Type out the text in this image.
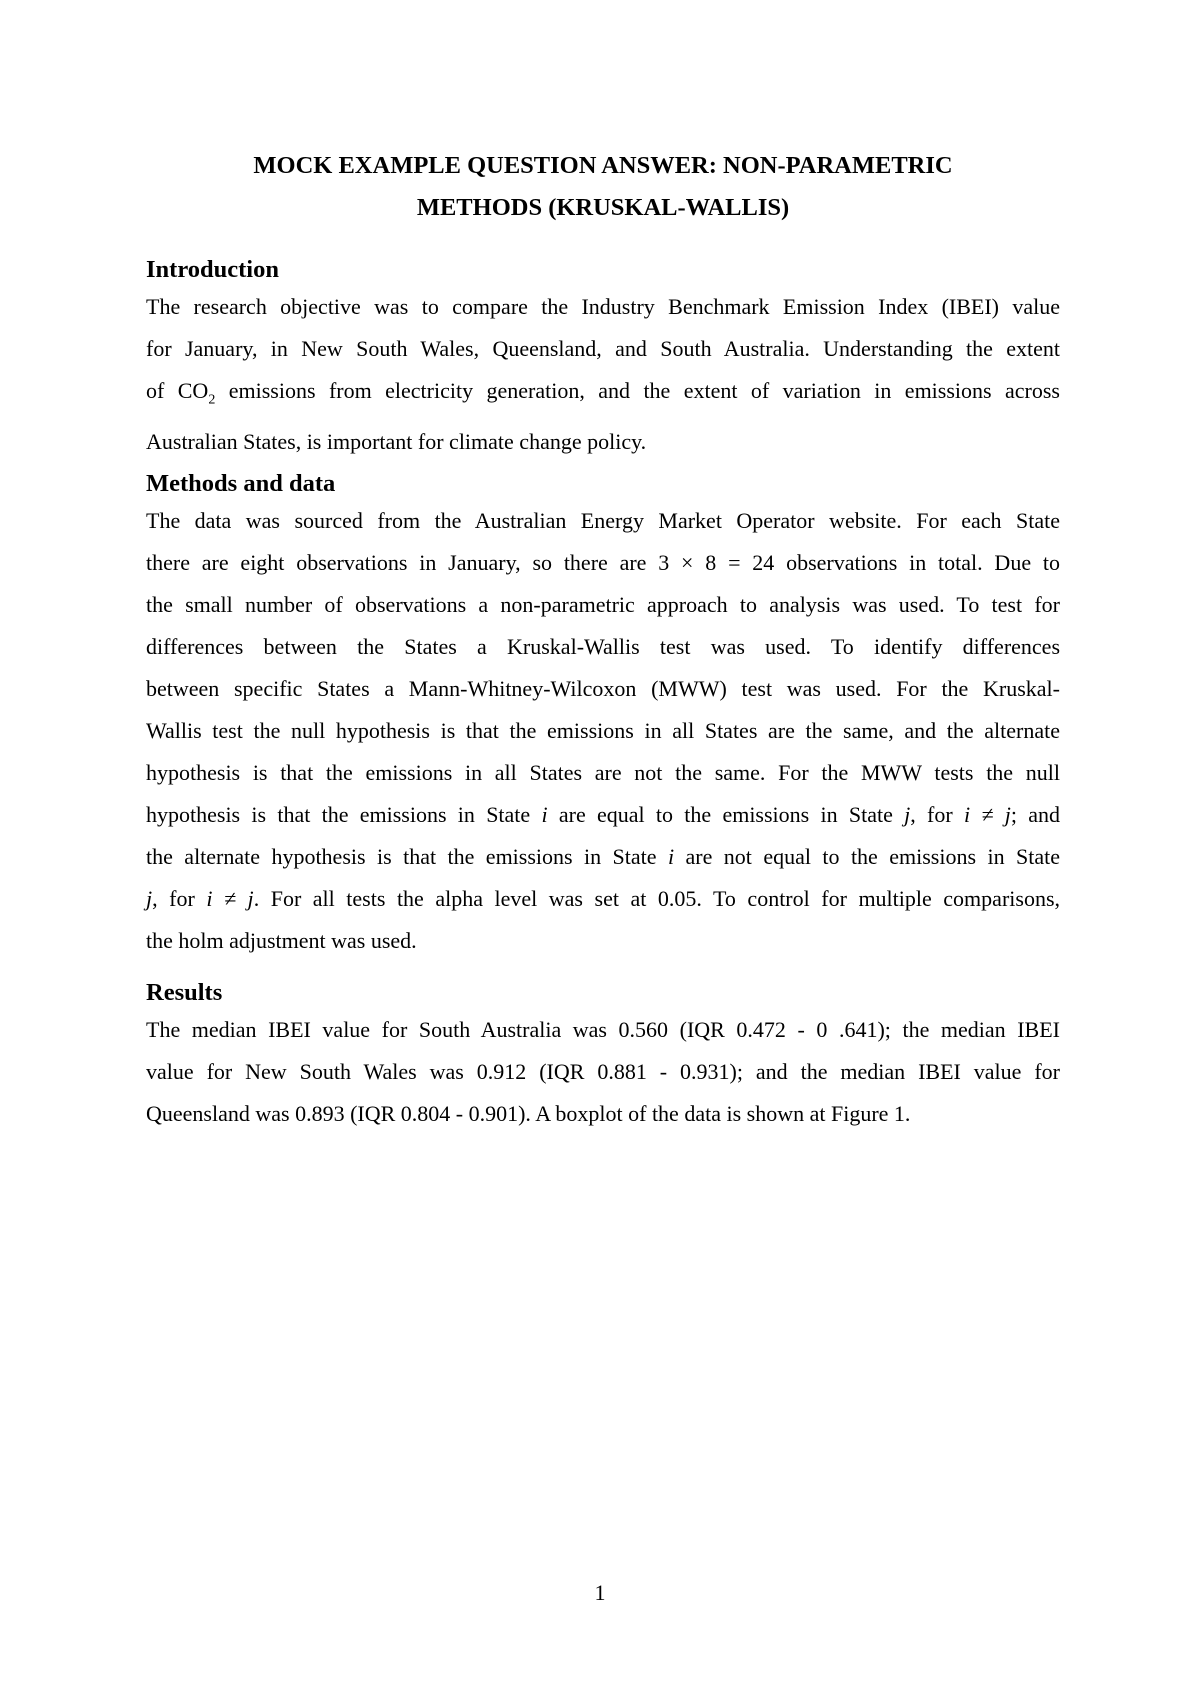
MOCK EXAMPLE QUESTION ANSWER: NON-PARAMETRIC
METHODS (KRUSKAL-WALLIS)
Introduction

The research objective was to compare the Industry Benchmark Emission Index (IBEI) value
for January, in New South Wales, Queensland, and South Australia. Understanding the extent
of $CO_2$ emissions from electricity generation, and the extent of variation in emissions across
Australian States, is important for climate change policy.

Methods and data

The data was sourced from the Australian Energy Market Operator website. For each State
there are eight observations in January, so there are 3 × 8 = 24 observations in total. Due to
the small number of observations a non-parametric approach to analysis was used. To test for
differences between the States a Kruskal-Wallis test was used. To identify differences
between specific States a Mann-Whitney-Wilcoxon (MWW) test was used. For the Kruskal-
Wallis test the null hypothesis is that the emissions in all States are the same, and the alternate
hypothesis is that the emissions in all States are not the same. For the MWW tests the null
hypothesis is that the emissions in State i are equal to the emissions in State j, for i ≠ j; and
the alternate hypothesis is that the emissions in State i are not equal to the emissions in State
j, for i ≠ j. For all tests the alpha level was set at 0.05. To control for multiple comparisons,
the holm adjustment was used.

Results

The median IBEI value for South Australia was 0.560 (IQR 0.472 - 0 .641); the median IBEI
value for New South Wales was 0.912 (IQR 0.881 - 0.931); and the median IBEI value for
Queensland was 0.893 (IQR 0.804 - 0.901). A boxplot of the data is shown at Figure 1.

1
